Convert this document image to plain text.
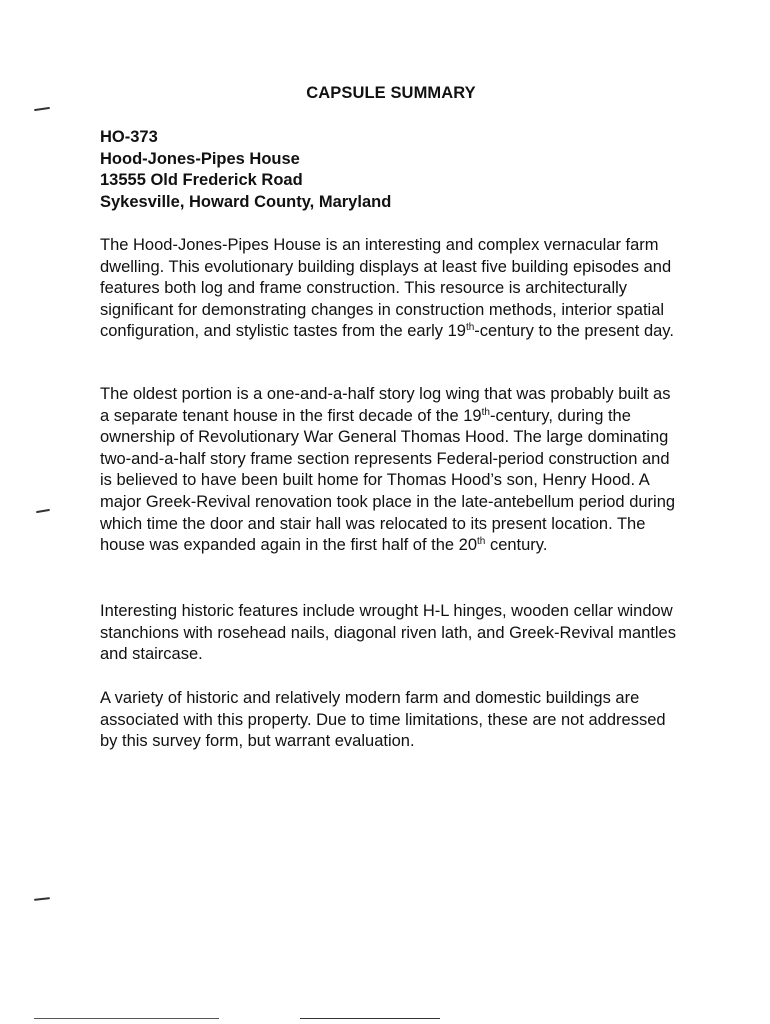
CAPSULE SUMMARY
HO-373
Hood-Jones-Pipes House
13555 Old Frederick Road
Sykesville, Howard County, Maryland

The Hood-Jones-Pipes House is an interesting and complex vernacular farm dwelling. This evolutionary building displays at least five building episodes and features both log and frame construction. This resource is architecturally significant for demonstrating changes in construction methods, interior spatial configuration, and stylistic tastes from the early 19th-century to the present day.

The oldest portion is a one-and-a-half story log wing that was probably built as a separate tenant house in the first decade of the 19th-century, during the ownership of Revolutionary War General Thomas Hood. The large dominating two-and-a-half story frame section represents Federal-period construction and is believed to have been built home for Thomas Hood’s son, Henry Hood. A major Greek-Revival renovation took place in the late-antebellum period during which time the door and stair hall was relocated to its present location. The house was expanded again in the first half of the 20th century.

Interesting historic features include wrought H-L hinges, wooden cellar window stanchions with rosehead nails, diagonal riven lath, and Greek-Revival mantles and staircase.

A variety of historic and relatively modern farm and domestic buildings are associated with this property. Due to time limitations, these are not addressed by this survey form, but warrant evaluation.
